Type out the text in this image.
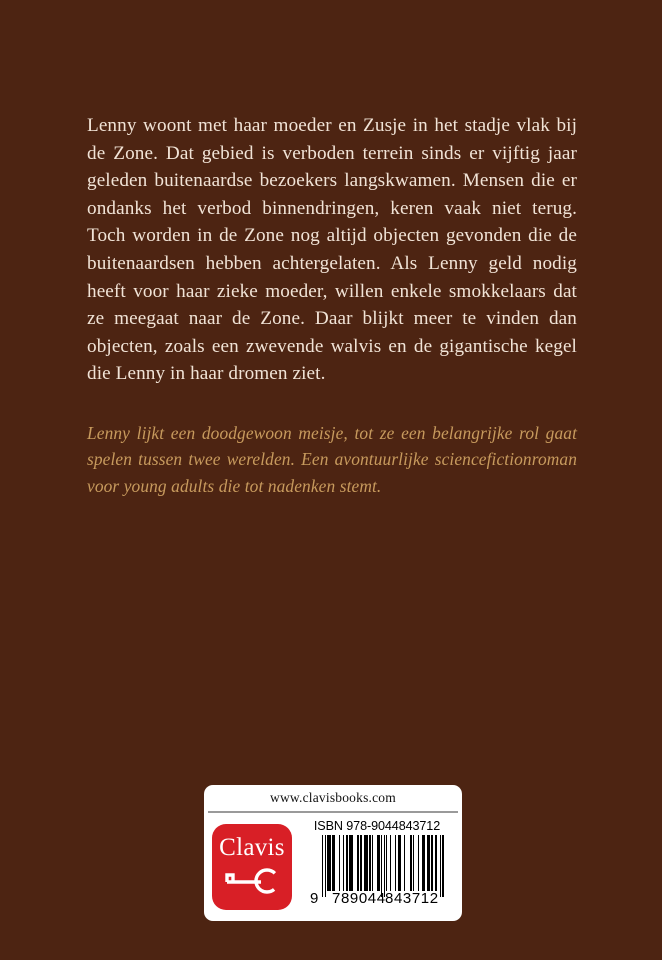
Lenny woont met haar moeder en Zusje in het stadje vlak bij de Zone. Dat gebied is verboden terrein sinds er vijftig jaar geleden buitenaardse bezoekers langskwamen. Mensen die er ondanks het verbod binnendringen, keren vaak niet terug. Toch worden in de Zone nog altijd objecten gevonden die de buitenaardsen hebben achtergelaten. Als Lenny geld nodig heeft voor haar zieke moeder, willen enkele smokkelaars dat ze meegaat naar de Zone. Daar blijkt meer te vinden dan objecten, zoals een zwevende walvis en de gigantische kegel die Lenny in haar dromen ziet.

Lenny lijkt een doodgewoon meisje, tot ze een belangrijke rol gaat spelen tussen twee werelden. Een avontuurlijke sciencefictionroman voor young adults die tot nadenken stemt.

www.clavisbooks.com
Clavis
ISBN 978-9044843712
9 789044 843712
